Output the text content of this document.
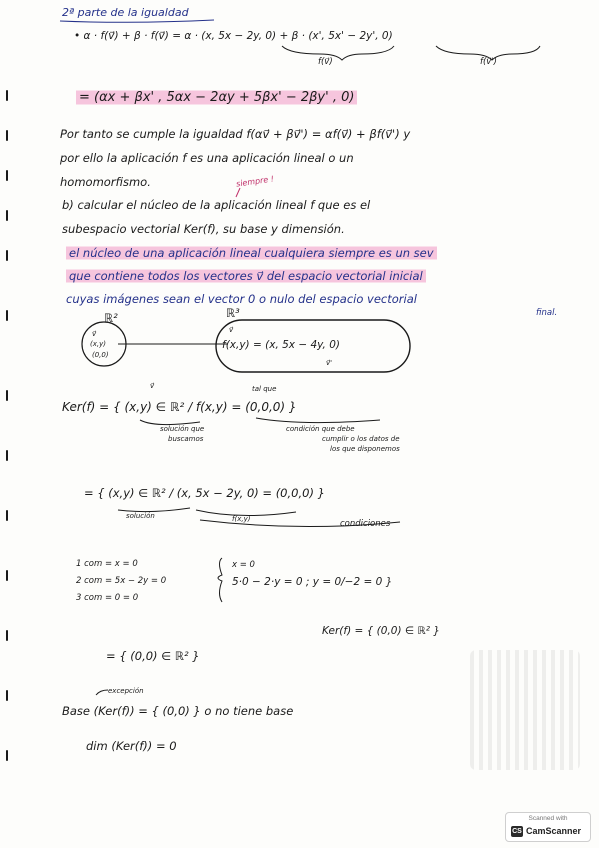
2ª parte de la igualdad
• α · f(v⃗) + β · f(v⃗) = α · (x, 5x − 2y, 0) + β · (x', 5x' − 2y', 0)
f(v⃗)	f(v⃗')
= (αx + βx' , 5αx − 2αy + 5βx' − 2βy' , 0)
Por tanto se cumple la igualdad f(αv⃗ + βv⃗') = αf(v⃗) + βf(v⃗') y
por ello la aplicación f es una aplicación lineal o un
homomorfismo.	siempre !
b) calcular el núcleo de la aplicación lineal f que es el
subespacio vectorial Ker(f), su base y dimensión.
el núcleo de una aplicación lineal cualquiera siempre es un sev
que contiene todos los vectores v⃗ del espacio vectorial inicial
cuyas imágenes sean el vector 0 o nulo del espacio vectorial
final.
ℝ²	ℝ³
v⃗
(x,y)
(0,0)
v⃗
f(x,y) = (x, 5x − 4y, 0)
v⃗'
tal que
v⃗
Ker(f) = { (x,y) ∈ ℝ² / f(x,y) = (0,0,0) }
solución que
buscamos
condición que debe
cumplir o los datos de
los que disponemos
= { (x,y) ∈ ℝ² / (x, 5x − 2y, 0) = (0,0,0) }
solución	f(x,y)	condiciones
1 com = x = 0
2 com = 5x − 2y = 0
3 com = 0 = 0
x = 0
5·0 − 2·y = 0 ; y = 0/−2 = 0 }
Ker(f) = { (0,0) ∈ ℝ² }
= { (0,0) ∈ ℝ² }
excepción
Base (Ker(f)) = { (0,0) } o no tiene base
dim (Ker(f)) = 0
Scanned with
CS CamScanner
